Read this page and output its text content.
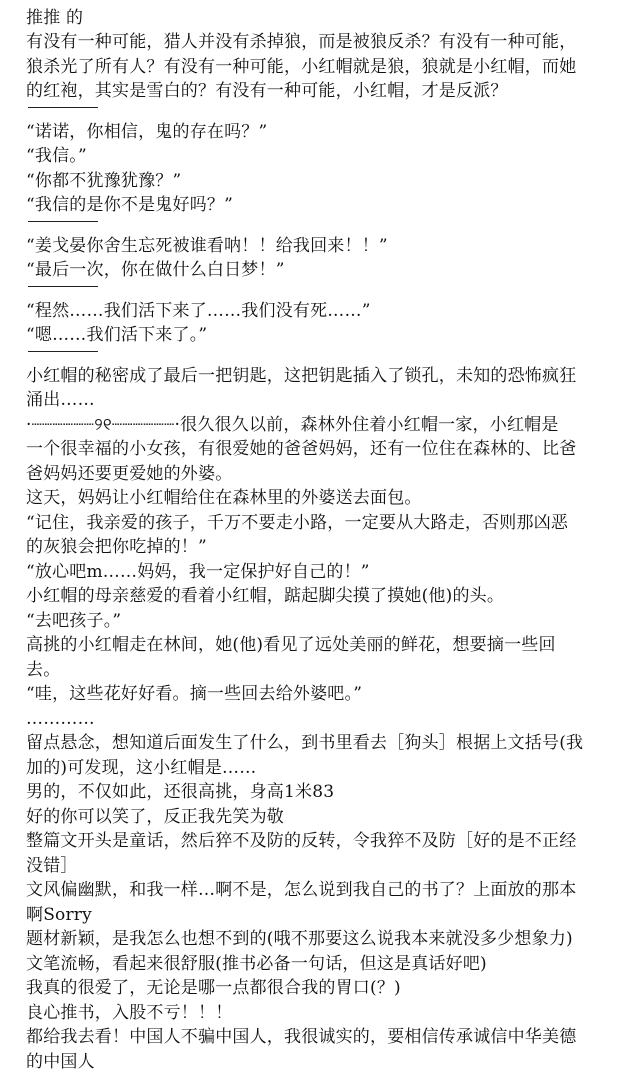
推推 的
有没有一种可能，猎人并没有杀掉狼，而是被狼反杀？有没有一种可能，
狼杀光了所有人？有没有一种可能，小红帽就是狼，狼就是小红帽，而她
的红袍，其实是雪白的？有没有一种可能，小红帽，才是反派？
“诺诺，你相信，鬼的存在吗？”
“我信。”
“你都不犹豫犹豫？”
“我信的是你不是鬼好吗？”
“姜戈晏你舍生忘死被谁看呐！！给我回来！！”
“最后一次，你在做什么白日梦！”
“程然……我们活下来了……我们没有死……”
“嗯……我们活下来了。”
小红帽的秘密成了最后一把钥匙，这把钥匙插入了锁孔，未知的恐怖疯狂
涌出……
·┈┈┈┈┈┈୨୧┈┈┈┈┈┈·很久很久以前，森林外住着小红帽一家，小红帽是
一个很幸福的小女孩，有很爱她的爸爸妈妈，还有一位住在森林的、比爸
爸妈妈还要更爱她的外婆。
这天，妈妈让小红帽给住在森林里的外婆送去面包。
“记住，我亲爱的孩子，千万不要走小路，一定要从大路走，否则那凶恶
的灰狼会把你吃掉的！”
“放心吧m……妈妈，我一定保护好自己的！”
小红帽的母亲慈爱的看着小红帽，踮起脚尖摸了摸她(他)的头。
“去吧孩子。”
高挑的小红帽走在林间，她(他)看见了远处美丽的鲜花，想要摘一些回
去。
“哇，这些花好好看。摘一些回去给外婆吧。”
…………
留点悬念，想知道后面发生了什么，到书里看去［狗头］根据上文括号(我
加的)可发现，这小红帽是……
男的，不仅如此，还很高挑，身高1米83
好的你可以笑了，反正我先笑为敬
整篇文开头是童话，然后猝不及防的反转，令我猝不及防［好的是不正经
没错］
文风偏幽默，和我一样…啊不是，怎么说到我自己的书了？上面放的那本
啊Sorry
题材新颖，是我怎么也想不到的(哦不那要这么说我本来就没多少想象力)
文笔流畅，看起来很舒服(推书必备一句话，但这是真话好吧)
我真的很爱了，无论是哪一点都很合我的胃口(？)
良心推书，入股不亏！！！
都给我去看！中国人不骗中国人，我很诚实的，要相信传承诚信中华美德
的中国人
